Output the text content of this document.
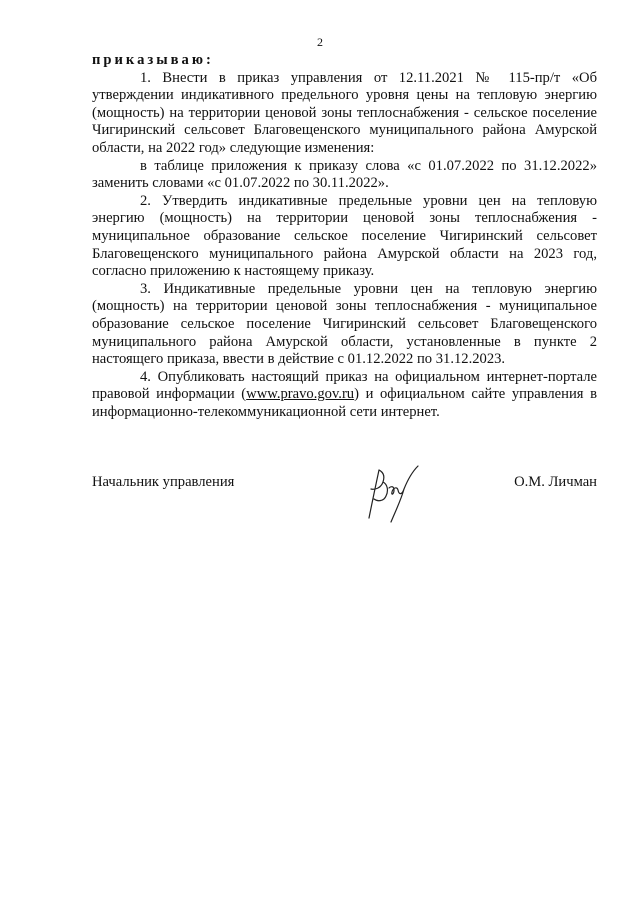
2
приказываю:

1. Внести в приказ управления от 12.11.2021 № 115-пр/т «Об утверждении индикативного предельного уровня цены на тепловую энергию (мощность) на территории ценовой зоны теплоснабжения - сельское поселение Чигиринский сельсовет Благовещенского муниципального района Амурской области, на 2022 год» следующие изменения:

в таблице приложения к приказу слова «с 01.07.2022 по 31.12.2022» заменить словами «с 01.07.2022 по 30.11.2022».

2. Утвердить индикативные предельные уровни цен на тепловую энергию (мощность) на территории ценовой зоны теплоснабжения - муниципальное образование сельское поселение Чигиринский сельсовет Благовещенского муниципального района Амурской области на 2023 год, согласно приложению к настоящему приказу.

3. Индикативные предельные уровни цен на тепловую энергию (мощность) на территории ценовой зоны теплоснабжения - муниципальное образование сельское поселение Чигиринский сельсовет Благовещенского муниципального района Амурской области, установленные в пункте 2 настоящего приказа, ввести в действие с 01.12.2022 по 31.12.2023.

4. Опубликовать настоящий приказ на официальном интернет-портале правовой информации (www.pravo.gov.ru) и официальном сайте управления в информационно-телекоммуникационной сети интернет.

Начальник управления	О.М. Личман
